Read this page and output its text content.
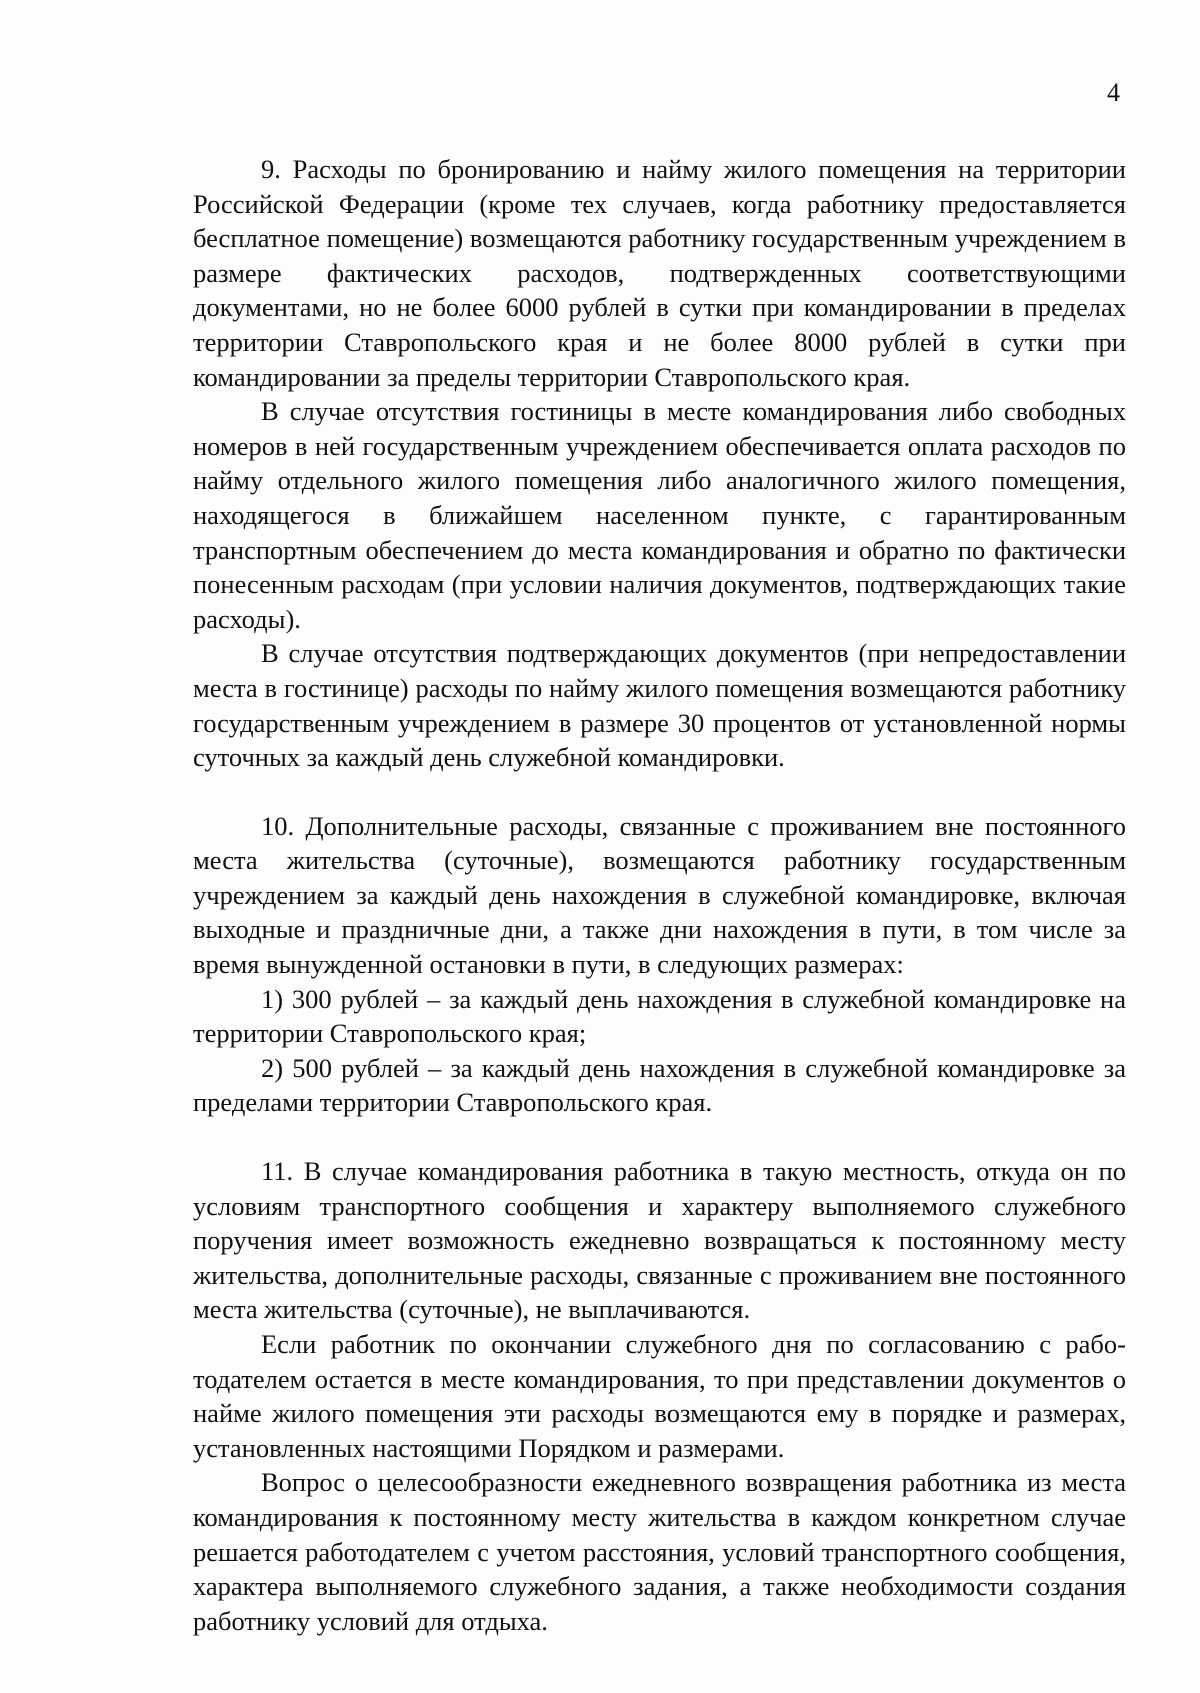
4

9. Расходы по бронированию и найму жилого помещения на территории Российской Федерации (кроме тех случаев, когда работнику предоставляется бесплатное помещение) возмещаются работнику государственным учреждением в размере фактических расходов, подтвержденных соответствующими документами, но не более 6000 рублей в сутки при командировании в пределах территории Ставропольского края и не более 8000 рублей в сутки при командировании за пределы территории Ставропольского края.

В случае отсутствия гостиницы в месте командирования либо свободных номеров в ней государственным учреждением обеспечивается оплата расходов по найму отдельного жилого помещения либо аналогичного жилого помещения, находящегося в ближайшем населенном пункте, с гарантированным транспортным обеспечением до места командирования и обратно по фактически понесенным расходам (при условии наличия документов, подтверждающих такие расходы).

В случае отсутствия подтверждающих документов (при непредоставлении места в гостинице) расходы по найму жилого помещения возмещаются работнику государственным учреждением в размере 30 процентов от установленной нормы суточных за каждый день служебной командировки.

10. Дополнительные расходы, связанные с проживанием вне постоянного места жительства (суточные), возмещаются работнику государственным учреждением за каждый день нахождения в служебной командировке, включая выходные и праздничные дни, а также дни нахождения в пути, в том числе за время вынужденной остановки в пути, в следующих размерах:

1) 300 рублей – за каждый день нахождения в служебной командировке на территории Ставропольского края;

2) 500 рублей – за каждый день нахождения в служебной командировке за пределами территории Ставропольского края.

11. В случае командирования работника в такую местность, откуда он по условиям транспортного сообщения и характеру выполняемого служебного поручения имеет возможность ежедневно возвращаться к постоянному месту жительства, дополнительные расходы, связанные с проживанием вне постоянного места жительства (суточные), не выплачиваются.

Если работник по окончании служебного дня по согласованию с работодателем остается в месте командирования, то при представлении документов о найме жилого помещения эти расходы возмещаются ему в порядке и размерах, установленных настоящими Порядком и размерами.

Вопрос о целесообразности ежедневного возвращения работника из места командирования к постоянному месту жительства в каждом конкретном случае решается работодателем с учетом расстояния, условий транспортного сообщения, характера выполняемого служебного задания, а также необходимости создания работнику условий для отдыха.
